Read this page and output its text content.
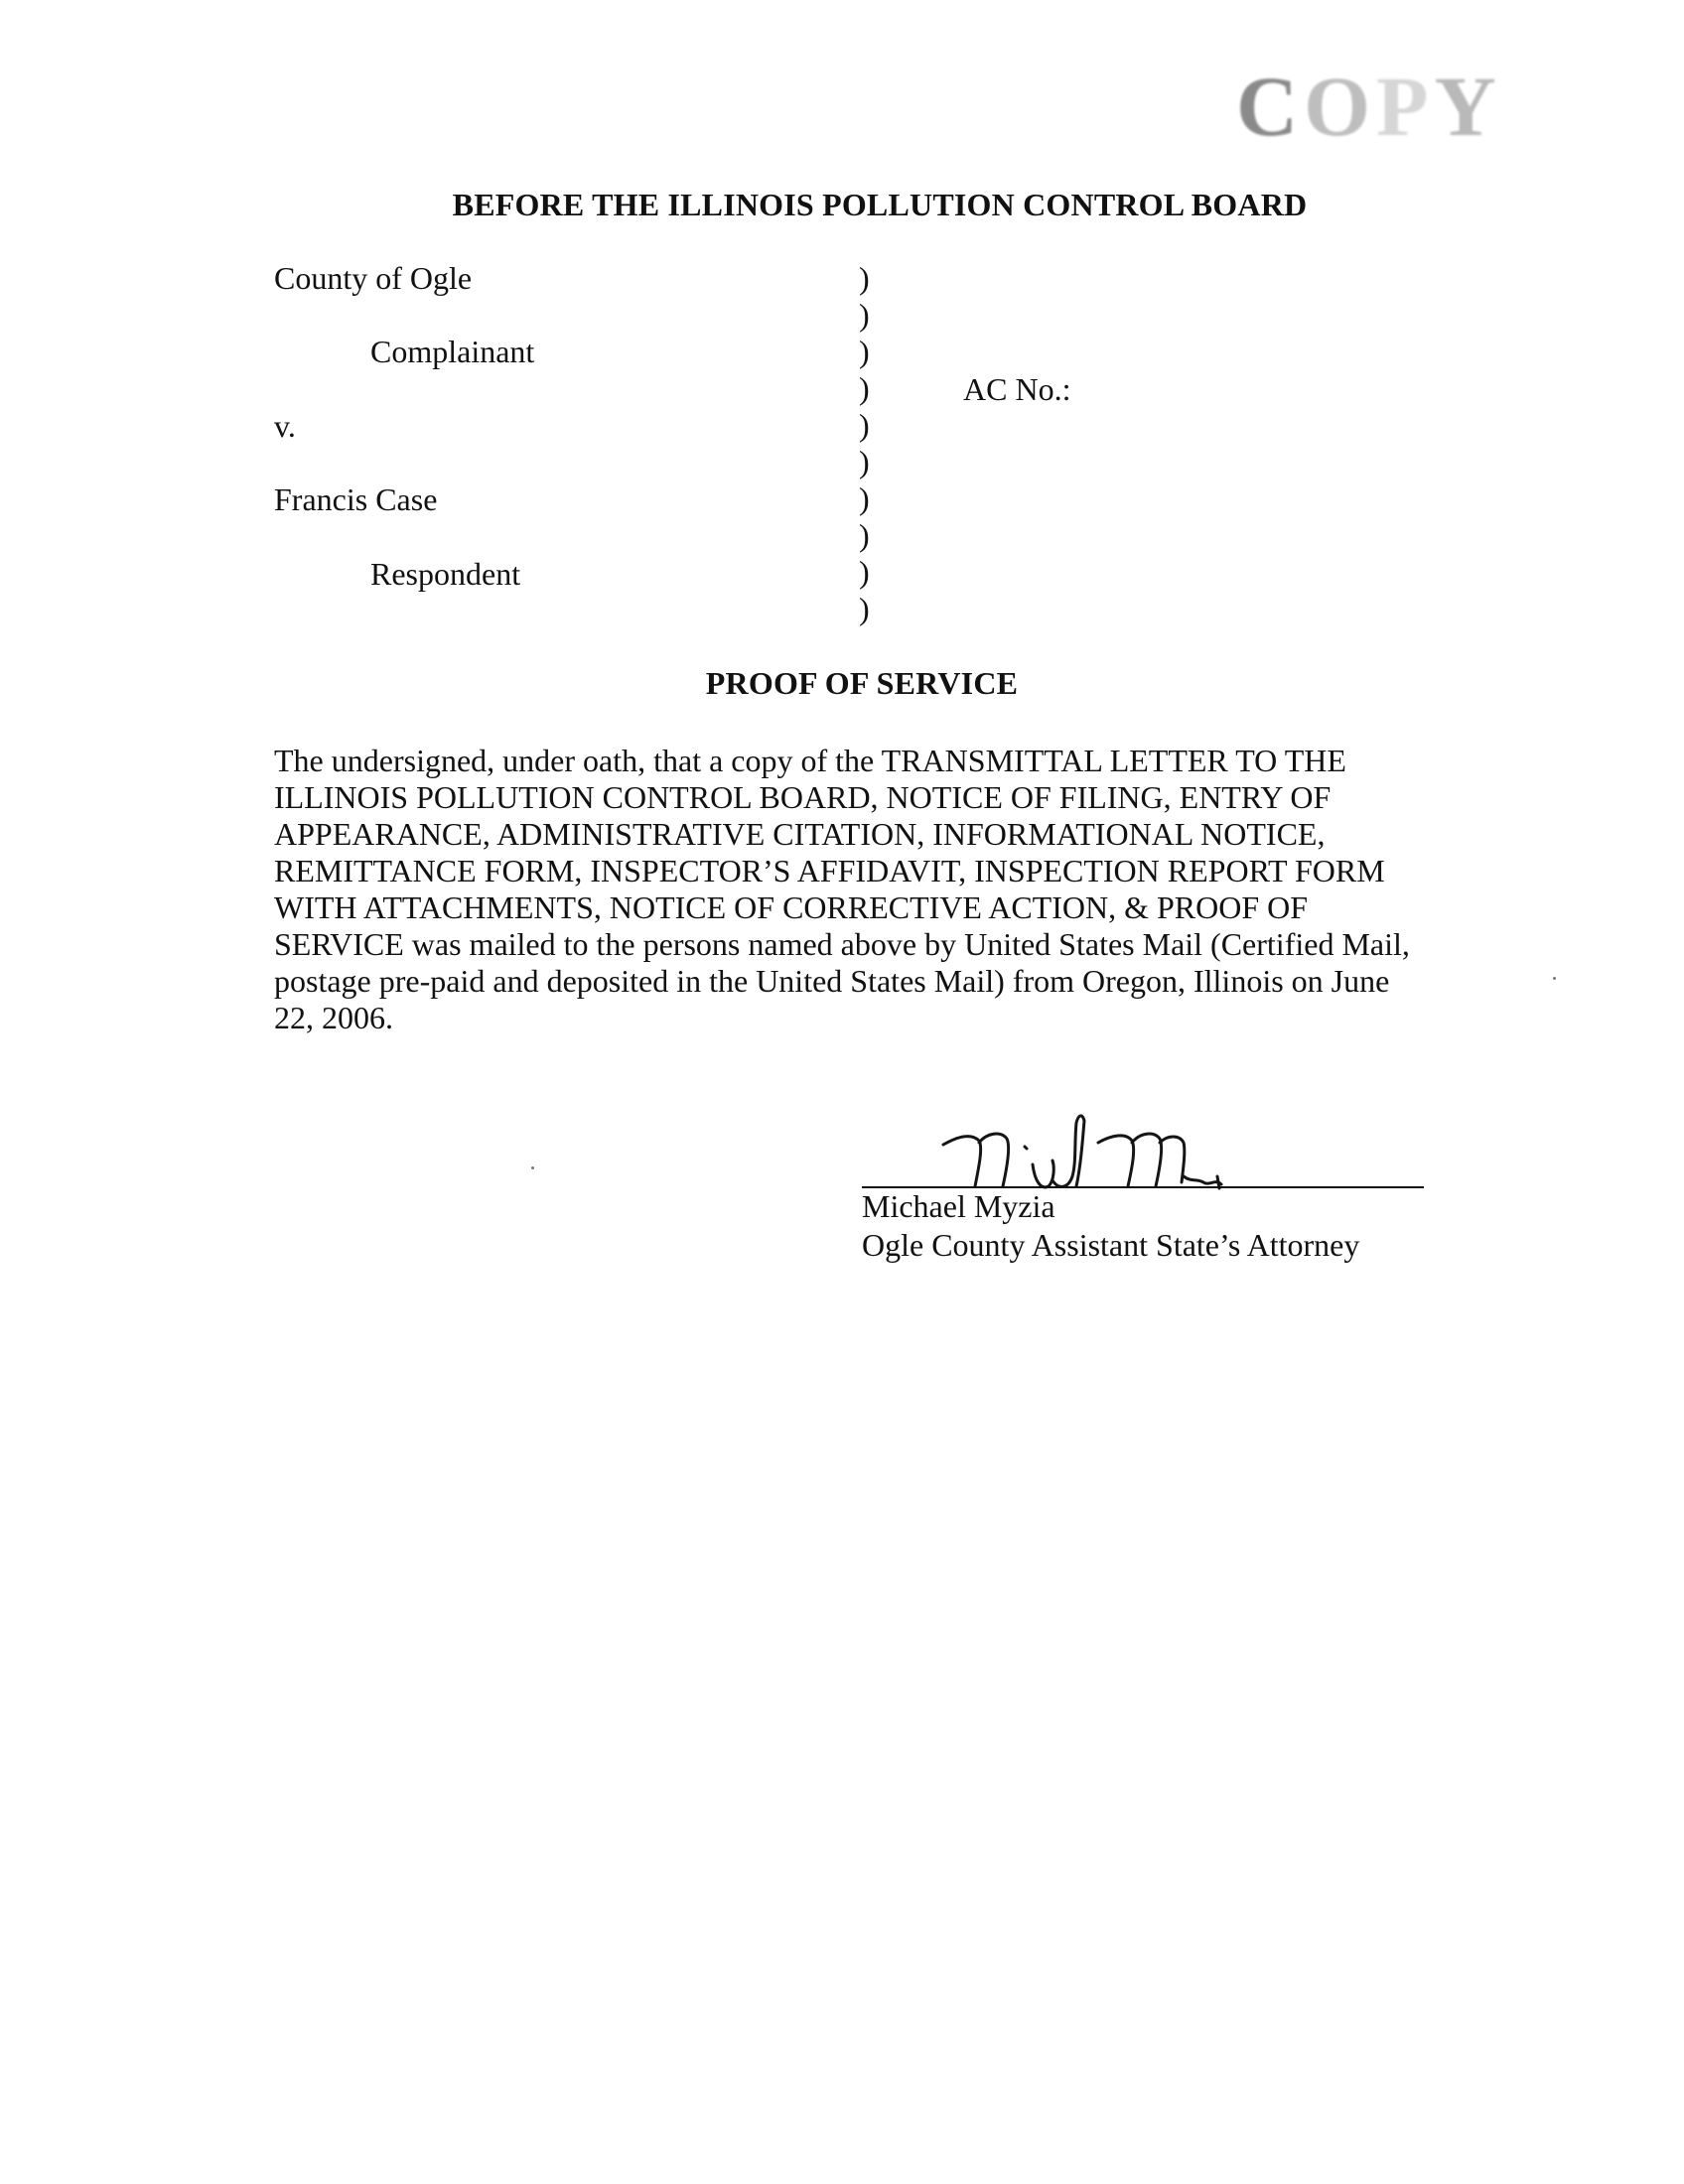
COPY
BEFORE THE ILLINOIS POLLUTION CONTROL BOARD
County of Ogle
Complainant
v.
Francis Case
Respondent
)
)
)
)
)
)
)
)
)
)
AC No.:
PROOF OF SERVICE
The undersigned, under oath, that a copy of the TRANSMITTAL LETTER TO THE
ILLINOIS POLLUTION CONTROL BOARD, NOTICE OF FILING, ENTRY OF
APPEARANCE, ADMINISTRATIVE CITATION, INFORMATIONAL NOTICE,
REMITTANCE FORM, INSPECTOR’S AFFIDAVIT, INSPECTION REPORT FORM
WITH ATTACHMENTS, NOTICE OF CORRECTIVE ACTION, & PROOF OF
SERVICE was mailed to the persons named above by United States Mail (Certified Mail,
postage pre-paid and deposited in the United States Mail) from Oregon, Illinois on June
22, 2006.
Michael Myzia
Ogle County Assistant State’s Attorney
